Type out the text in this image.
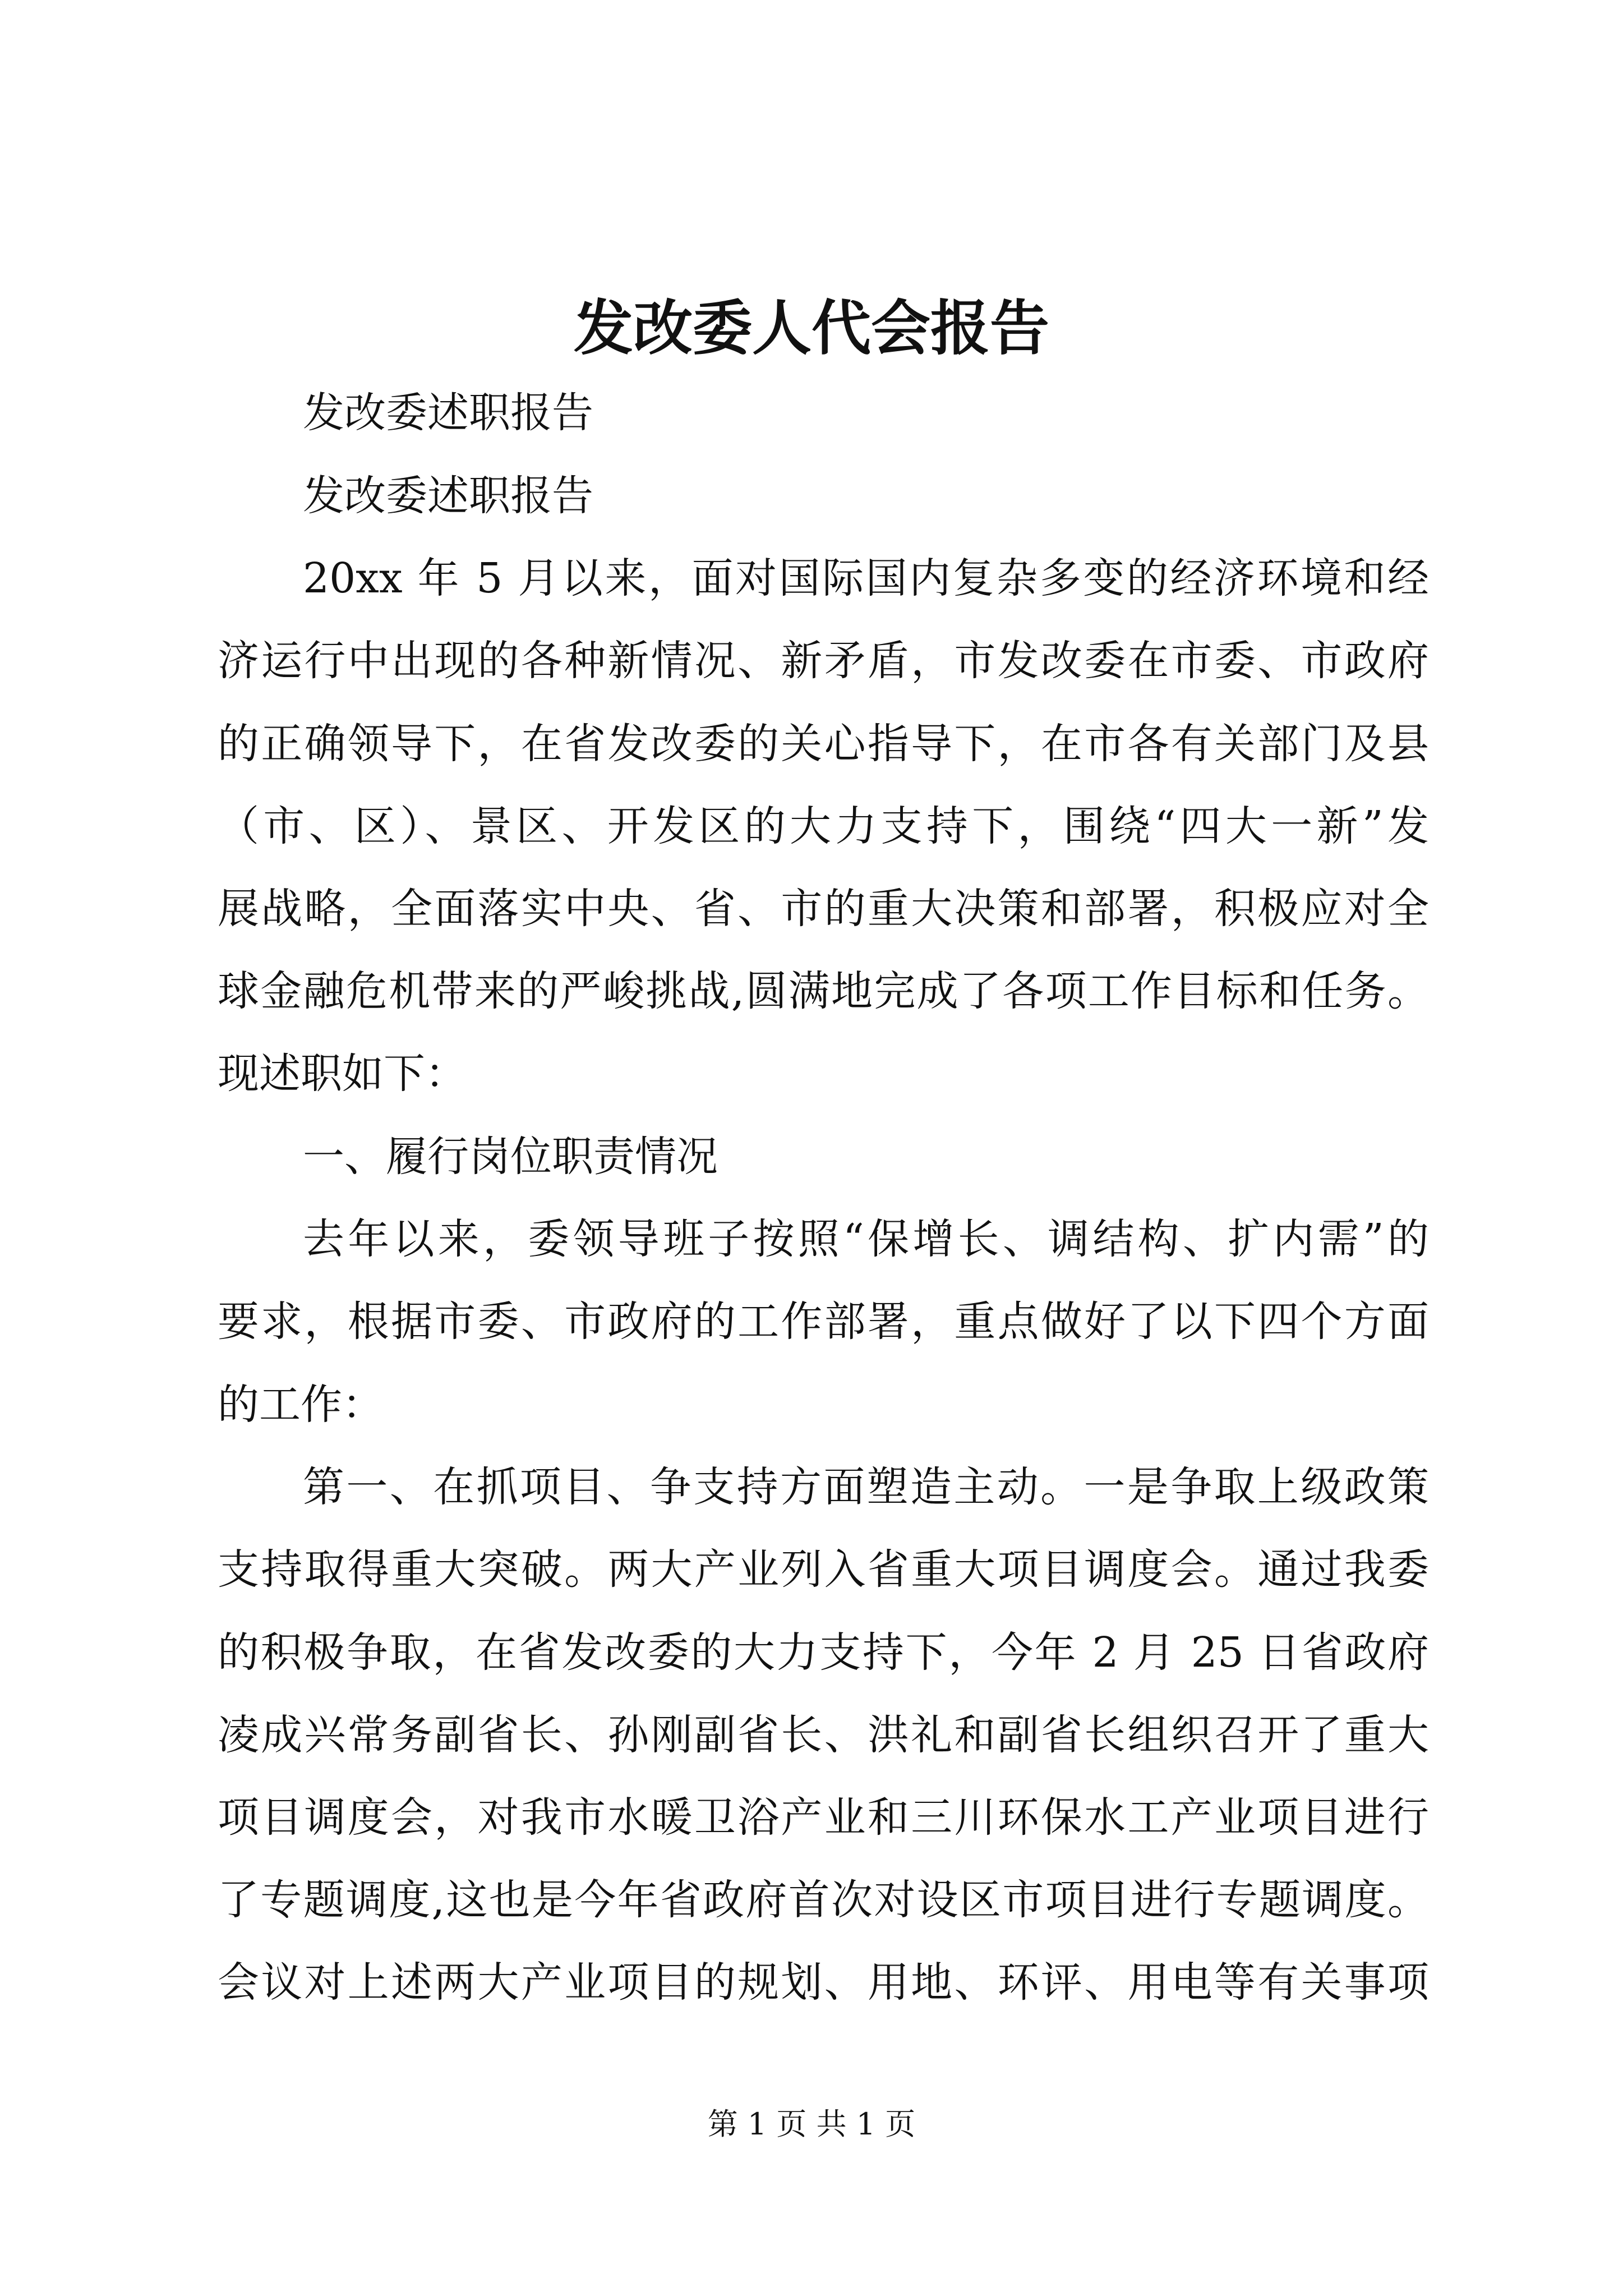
发改委人代会报告

发改委述职报告

发改委述职报告

20xx 年 5 月以来，面对国际国内复杂多变的经济环境和经

济运行中出现的各种新情况、新矛盾，市发改委在市委、市政府

的正确领导下，在省发改委的关心指导下，在市各有关部门及县

（市、区）、景区、开发区的大力支持下，围绕“四大一新”发

展战略，全面落实中央、省、市的重大决策和部署，积极应对全

球金融危机带来的严峻挑战,圆满地完成了各项工作目标和任务。

现述职如下：

一、履行岗位职责情况

去年以来，委领导班子按照“保增长、调结构、扩内需”的

要求，根据市委、市政府的工作部署，重点做好了以下四个方面

的工作：

第一、在抓项目、争支持方面塑造主动。一是争取上级政策

支持取得重大突破。两大产业列入省重大项目调度会。通过我委

的积极争取，在省发改委的大力支持下，今年 2 月 25 日省政府

凌成兴常务副省长、孙刚副省长、洪礼和副省长组织召开了重大

项目调度会，对我市水暖卫浴产业和三川环保水工产业项目进行

了专题调度,这也是今年省政府首次对设区市项目进行专题调度。

会议对上述两大产业项目的规划、用地、环评、用电等有关事项

第 1 页 共 1 页
